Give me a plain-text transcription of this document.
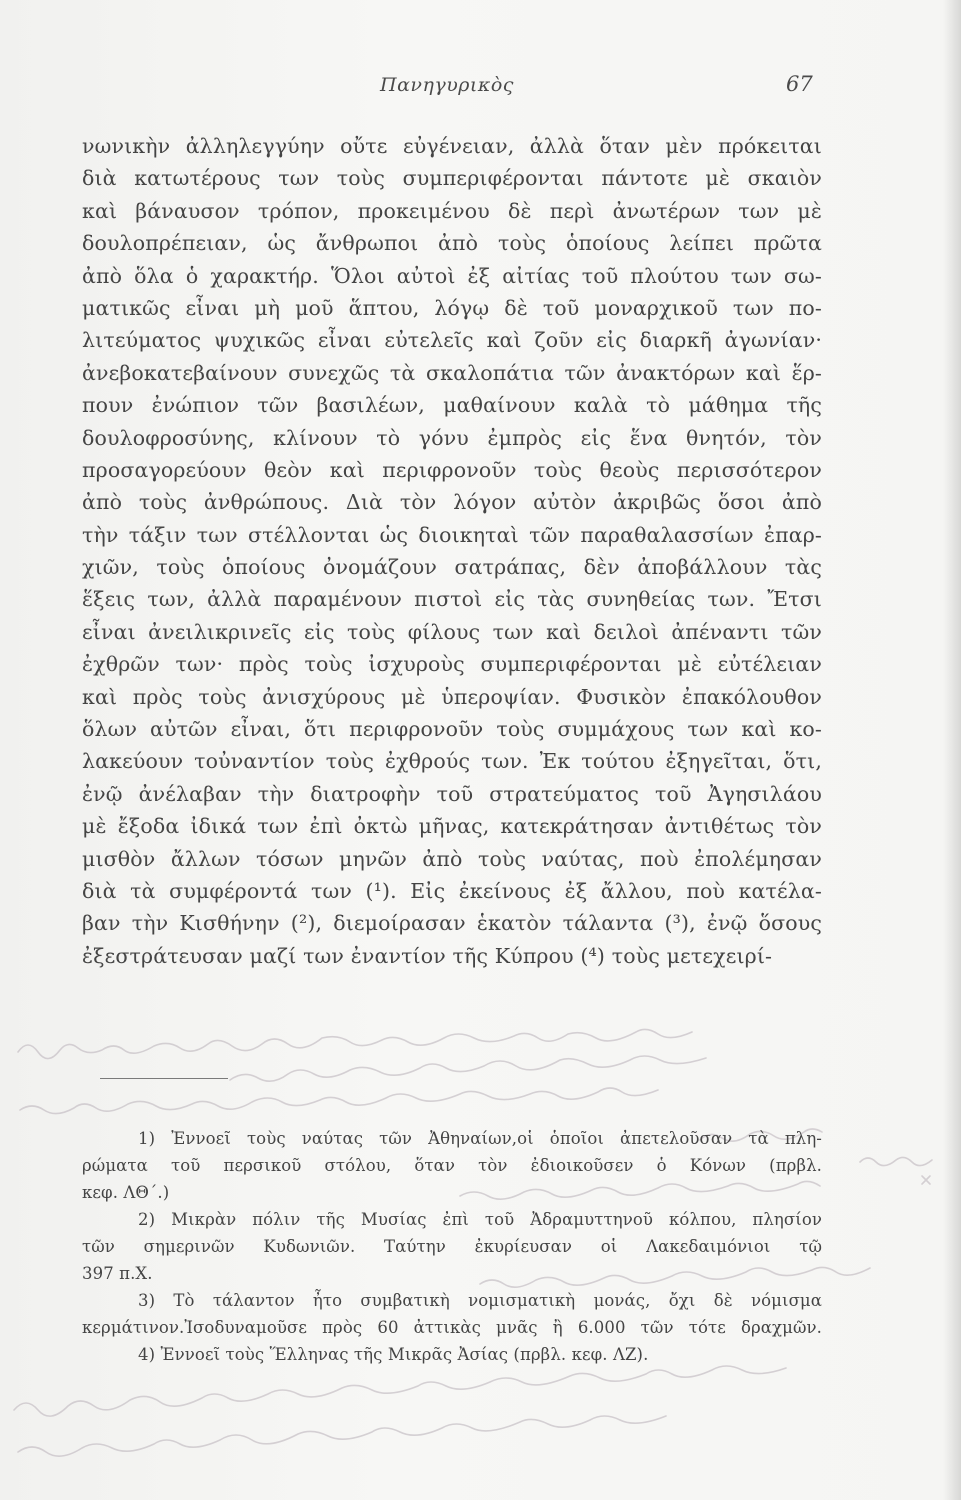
Πανηγυρικὸς	67
νωνικὴν ἀλληλεγγύην οὔτε εὐγένειαν, ἀλλὰ ὅταν μὲν πρόκειται
διὰ κατωτέρους των τοὺς συμπεριφέρονται πάντοτε μὲ σκαιὸν
καὶ βάναυσον τρόπον, προκειμένου δὲ περὶ ἀνωτέρων των μὲ
δουλοπρέπειαν, ὡς ἄνθρωποι ἀπὸ τοὺς ὁποίους λείπει πρῶτα
ἀπὸ ὅλα ὁ χαρακτήρ. Ὅλοι αὐτοὶ ἐξ αἰτίας τοῦ πλούτου των σω-
ματικῶς εἶναι μὴ μοῦ ἅπτου, λόγῳ δὲ τοῦ μοναρχικοῦ των πο-
λιτεύματος ψυχικῶς εἶναι εὐτελεῖς καὶ ζοῦν εἰς διαρκῆ ἀγωνίαν·
ἀνεβοκατεβαίνουν συνεχῶς τὰ σκαλοπάτια τῶν ἀνακτόρων καὶ ἕρ-
πουν ἐνώπιον τῶν βασιλέων, μαθαίνουν καλὰ τὸ μάθημα τῆς
δουλοφροσύνης, κλίνουν τὸ γόνυ ἐμπρὸς εἰς ἕνα θνητόν, τὸν
προσαγορεύουν θεὸν καὶ περιφρονοῦν τοὺς θεοὺς περισσότερον
ἀπὸ τοὺς ἀνθρώπους. Διὰ τὸν λόγον αὐτὸν ἀκριβῶς ὅσοι ἀπὸ
τὴν τάξιν των στέλλονται ὡς διοικηταὶ τῶν παραθαλασσίων ἐπαρ-
χιῶν, τοὺς ὁποίους ὀνομάζουν σατράπας, δὲν ἀποβάλλουν τὰς
ἕξεις των, ἀλλὰ παραμένουν πιστοὶ εἰς τὰς συνηθείας των. Ἔτσι
εἶναι ἀνειλικρινεῖς εἰς τοὺς φίλους των καὶ δειλοὶ ἀπέναντι τῶν
ἐχθρῶν των· πρὸς τοὺς ἰσχυροὺς συμπεριφέρονται μὲ εὐτέλειαν
καὶ πρὸς τοὺς ἀνισχύρους μὲ ὑπεροψίαν. Φυσικὸν ἐπακόλουθον
ὅλων αὐτῶν εἶναι, ὅτι περιφρονοῦν τοὺς συμμάχους των καὶ κο-
λακεύουν τοὐναντίον τοὺς ἐχθρούς των. Ἐκ τούτου ἐξηγεῖται, ὅτι,
ἐνῷ ἀνέλαβαν τὴν διατροφὴν τοῦ στρατεύματος τοῦ Ἀγησιλάου
μὲ ἔξοδα ἰδικά των ἐπὶ ὀκτὼ μῆνας, κατεκράτησαν ἀντιθέτως τὸν
μισθὸν ἄλλων τόσων μηνῶν ἀπὸ τοὺς ναύτας, ποὺ ἐπολέμησαν
διὰ τὰ συμφέροντά των (¹). Εἰς ἐκείνους ἐξ ἄλλου, ποὺ κατέλα-
βαν τὴν Κισθήνην (²), διεμοίρασαν ἑκατὸν τάλαντα (³), ἐνῷ ὅσους
ἐξεστράτευσαν μαζί των ἐναντίον τῆς Κύπρου (⁴) τοὺς μετεχειρί-
1) Ἐννοεῖ τοὺς ναύτας τῶν Ἀθηναίων,οἱ ὁποῖοι ἀπετελοῦσαν τὰ πλη-
ρώματα τοῦ περσικοῦ στόλου, ὅταν τὸν ἐδιοικοῦσεν ὁ Κόνων (πρβλ.
κεφ. ΛΘ΄.)
2) Μικρὰν πόλιν τῆς Μυσίας ἐπὶ τοῦ Ἀδραμυττηνοῦ κόλπου, πλησίον
τῶν σημερινῶν Κυδωνιῶν. Ταύτην ἐκυρίευσαν οἱ Λακεδαιμόνιοι τῷ
397 π.Χ.
3) Τὸ τάλαντον ἦτο συμβατικὴ νομισματικὴ μονάς, ὄχι δὲ νόμισμα
κερμάτινον.Ἰσοδυναμοῦσε πρὸς 60 ἀττικὰς μνᾶς ἢ 6.000 τῶν τότε δραχμῶν.
4) Ἐννοεῖ τοὺς Ἕλληνας τῆς Μικρᾶς Ἀσίας (πρβλ. κεφ. ΛΖ).
